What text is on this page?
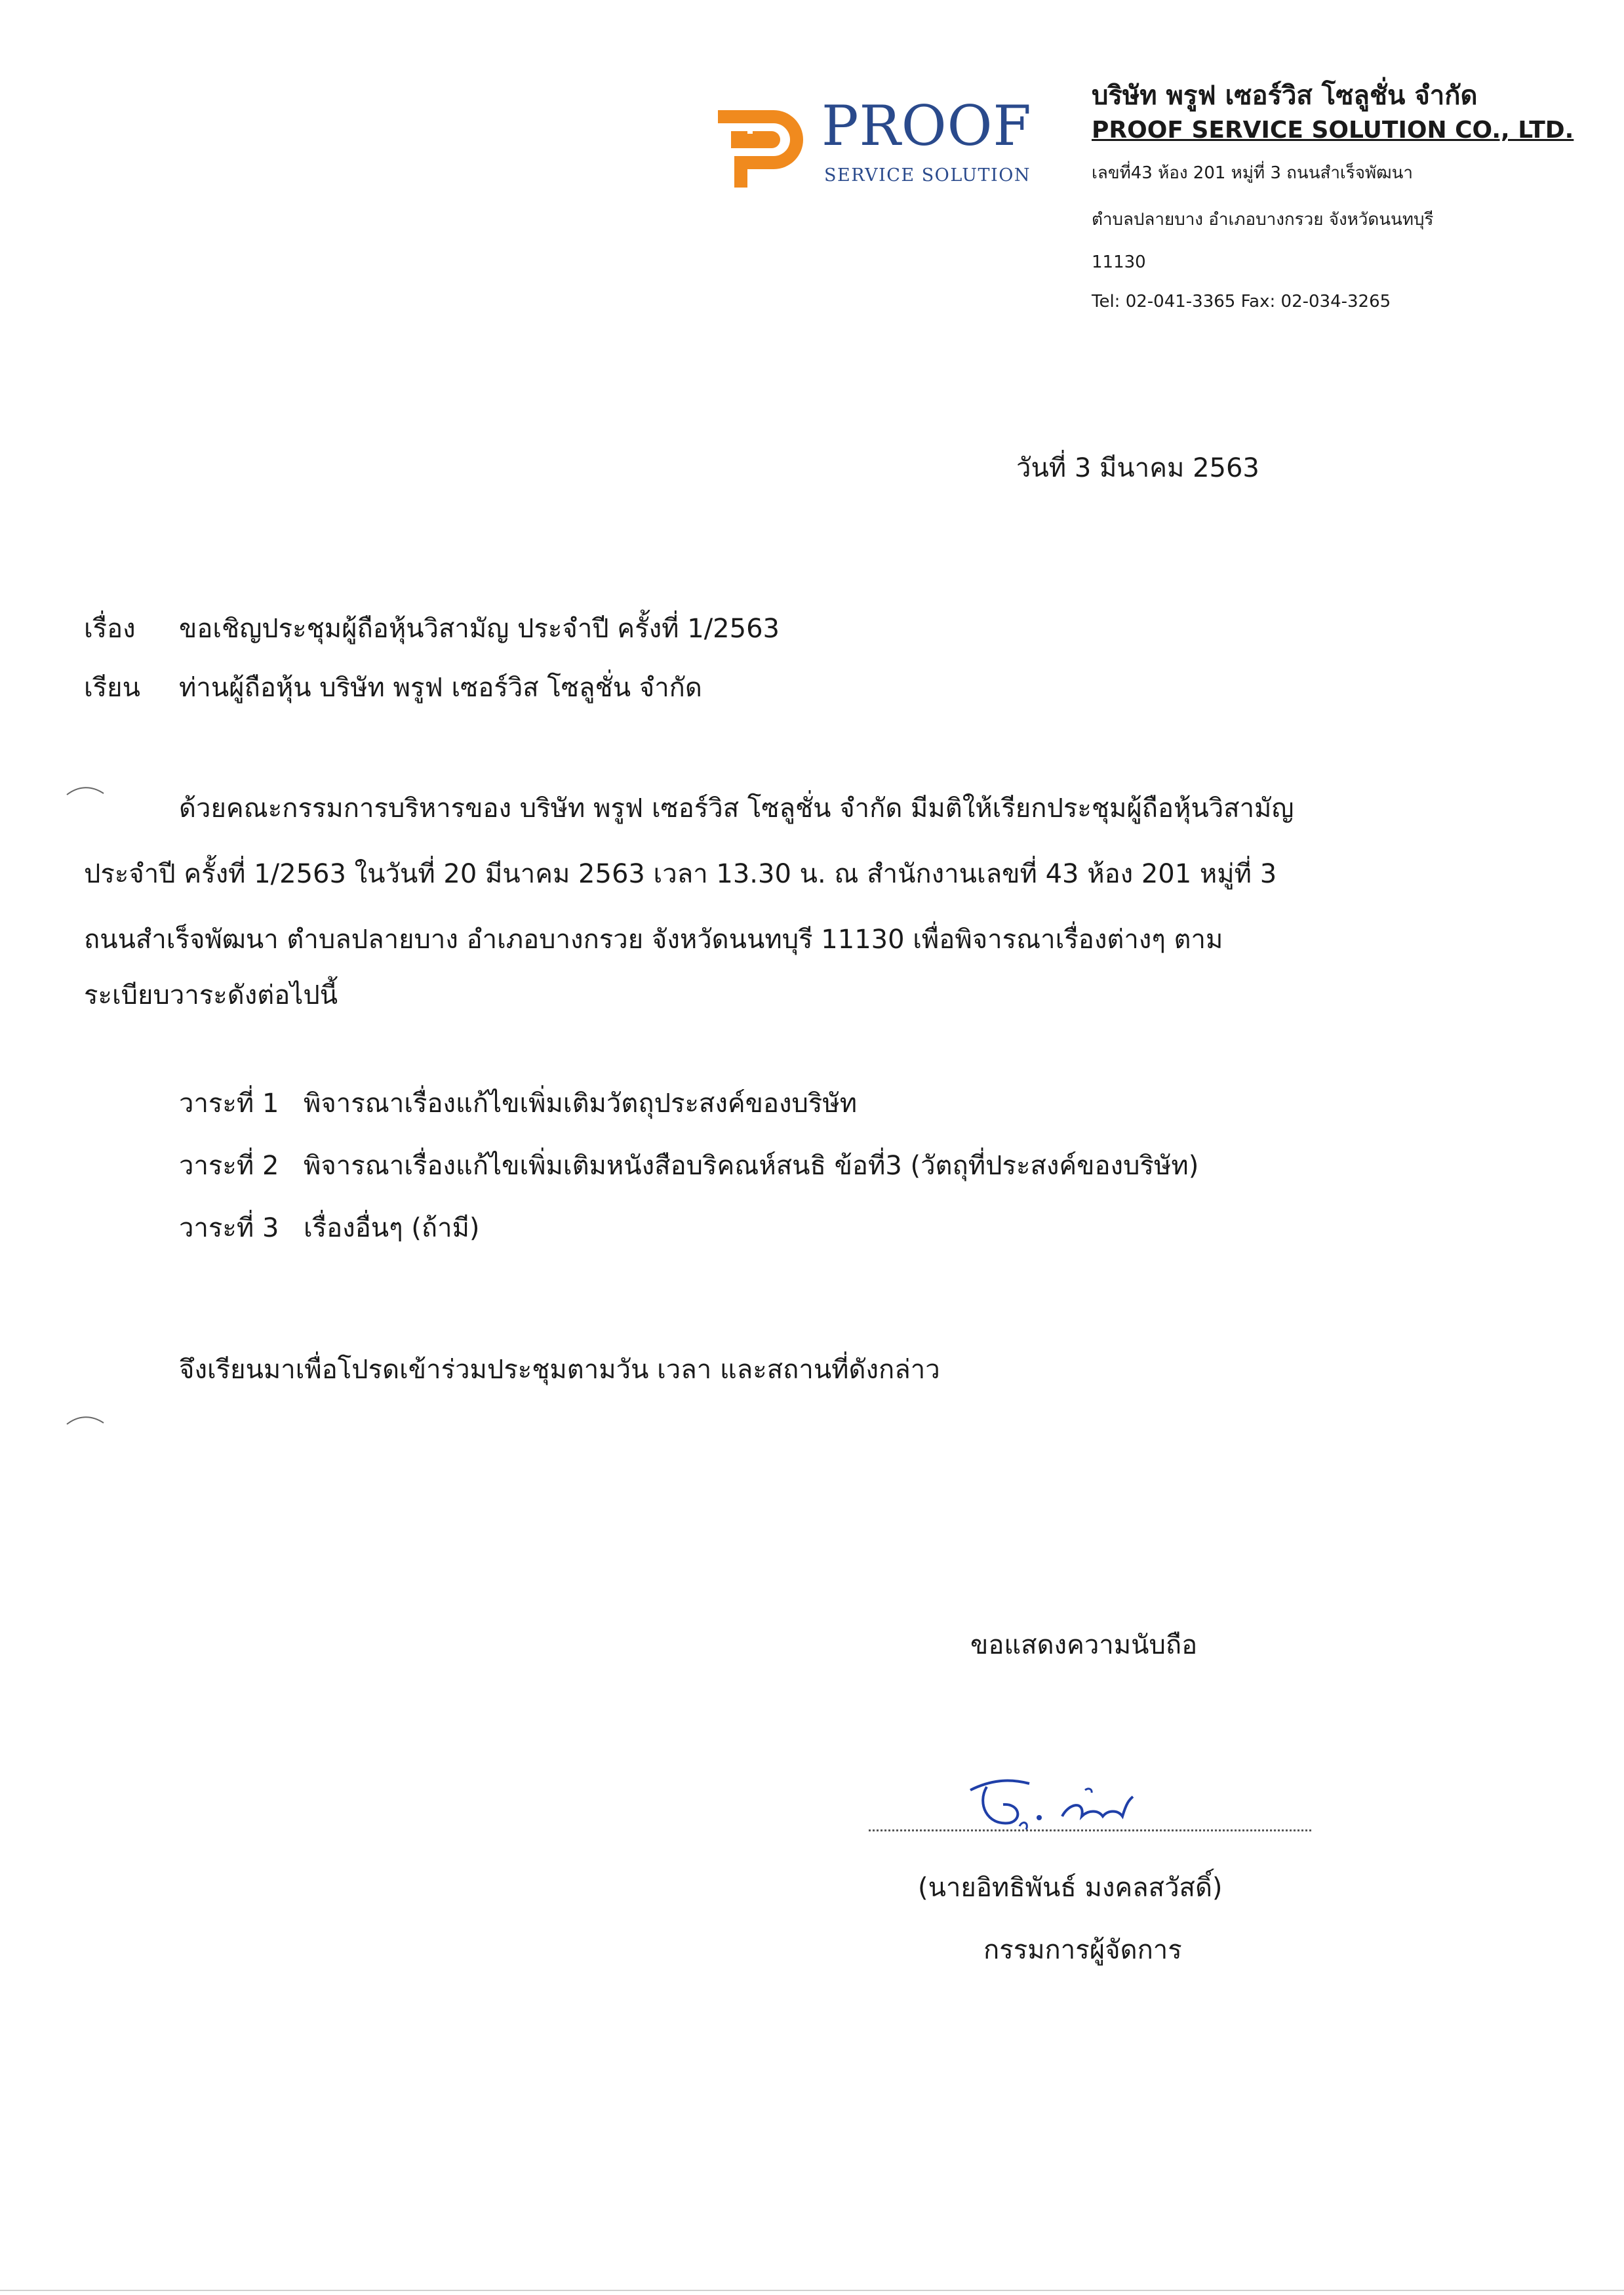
PROOF
SERVICE SOLUTION
บริษัท พรูฟ เซอร์วิส โซลูชั่น จำกัด
PROOF SERVICE SOLUTION CO., LTD.
เลขที่43 ห้อง 201 หมู่ที่ 3 ถนนสำเร็จพัฒนา
ตำบลปลายบาง อำเภอบางกรวย จังหวัดนนทบุรี
11130
Tel: 02-041-3365 Fax: 02-034-3265
วันที่ 3 มีนาคม 2563
เรื่อง ขอเชิญประชุมผู้ถือหุ้นวิสามัญ ประจำปี ครั้งที่ 1/2563
เรียน ท่านผู้ถือหุ้น บริษัท พรูฟ เซอร์วิส โซลูชั่น จำกัด
ด้วยคณะกรรมการบริหารของ บริษัท พรูฟ เซอร์วิส โซลูชั่น จำกัด มีมติให้เรียกประชุมผู้ถือหุ้นวิสามัญ
ประจำปี ครั้งที่ 1/2563 ในวันที่ 20 มีนาคม 2563 เวลา 13.30 น. ณ สำนักงานเลขที่ 43 ห้อง 201 หมู่ที่ 3
ถนนสำเร็จพัฒนา ตำบลปลายบาง อำเภอบางกรวย จังหวัดนนทบุรี 11130 เพื่อพิจารณาเรื่องต่างๆ ตาม
ระเบียบวาระดังต่อไปนี้
วาระที่ 1 พิจารณาเรื่องแก้ไขเพิ่มเติมวัตถุประสงค์ของบริษัท
วาระที่ 2 พิจารณาเรื่องแก้ไขเพิ่มเติมหนังสือบริคณห์สนธิ ข้อที่3 (วัตถุที่ประสงค์ของบริษัท)
วาระที่ 3 เรื่องอื่นๆ (ถ้ามี)
จึงเรียนมาเพื่อโปรดเข้าร่วมประชุมตามวัน เวลา และสถานที่ดังกล่าว
ขอแสดงความนับถือ
(นายอิทธิพันธ์ มงคลสวัสดิ์)
กรรมการผู้จัดการ
